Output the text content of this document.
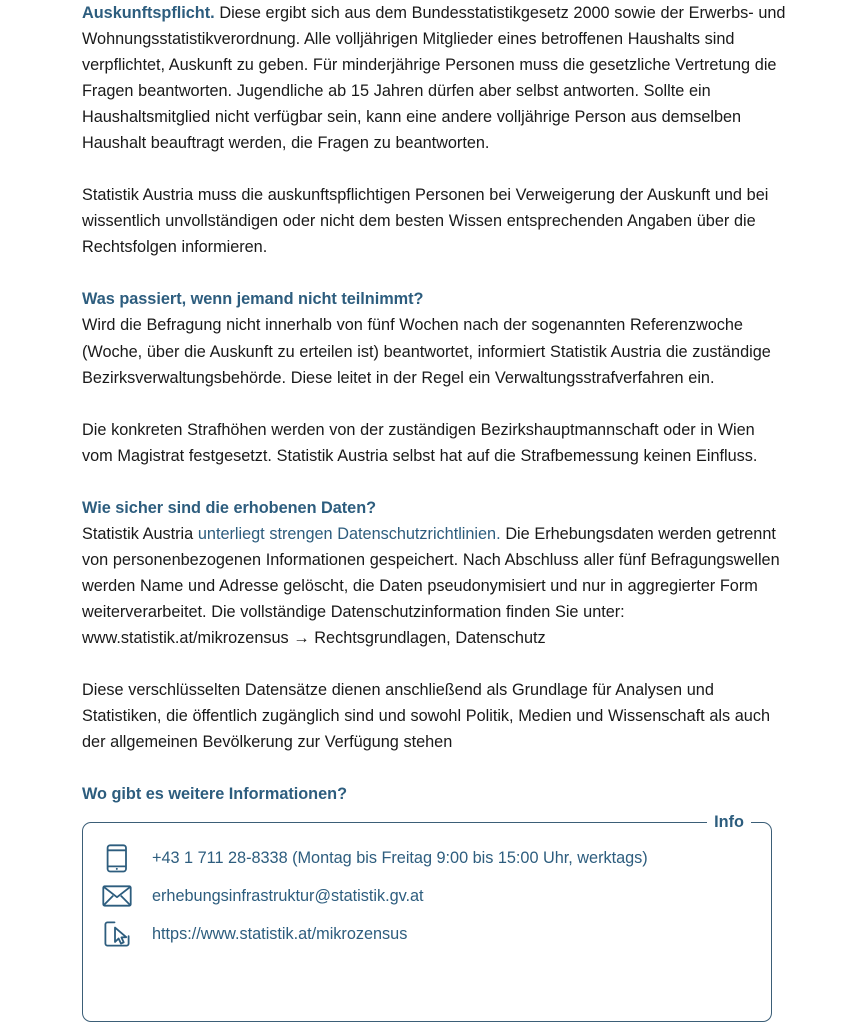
Auskunftspflicht. Diese ergibt sich aus dem Bundesstatistikgesetz 2000 sowie der Erwerbs- und Wohnungsstatistikverordnung. Alle volljährigen Mitglieder eines betroffenen Haushalts sind verpflichtet, Auskunft zu geben. Für minderjährige Personen muss die gesetzliche Vertretung die Fragen beantworten. Jugendliche ab 15 Jahren dürfen aber selbst antworten. Sollte ein Haushaltsmitglied nicht verfügbar sein, kann eine andere volljährige Person aus demselben Haushalt beauftragt werden, die Fragen zu beantworten.

Statistik Austria muss die auskunftspflichtigen Personen bei Verweigerung der Auskunft und bei wissentlich unvollständigen oder nicht dem besten Wissen entsprechenden Angaben über die Rechtsfolgen informieren.

Was passiert, wenn jemand nicht teilnimmt?

Wird die Befragung nicht innerhalb von fünf Wochen nach der sogenannten Referenzwoche (Woche, über die Auskunft zu erteilen ist) beantwortet, informiert Statistik Austria die zuständige Bezirksverwaltungsbehörde. Diese leitet in der Regel ein Verwaltungsstrafverfahren ein.

Die konkreten Strafhöhen werden von der zuständigen Bezirkshauptmannschaft oder in Wien vom Magistrat festgesetzt. Statistik Austria selbst hat auf die Strafbemessung keinen Einfluss.

Wie sicher sind die erhobenen Daten?

Statistik Austria unterliegt strengen Datenschutzrichtlinien. Die Erhebungsdaten werden getrennt von personenbezogenen Informationen gespeichert. Nach Abschluss aller fünf Befragungswellen werden Name und Adresse gelöscht, die Daten pseudonymisiert und nur in aggregierter Form weiterverarbeitet. Die vollständige Datenschutzinformation finden Sie unter:

www.statistik.at/mikrozensus → Rechtsgrundlagen, Datenschutz

Diese verschlüsselten Datensätze dienen anschließend als Grundlage für Analysen und Statistiken, die öffentlich zugänglich sind und sowohl Politik, Medien und Wissenschaft als auch der allgemeinen Bevölkerung zur Verfügung stehen

Wo gibt es weitere Informationen?
Info
+43 1 711 28-8338 (Montag bis Freitag 9:00 bis 15:00 Uhr, werktags)
erhebungsinfrastruktur@statistik.gv.at
https://www.statistik.at/mikrozensus
